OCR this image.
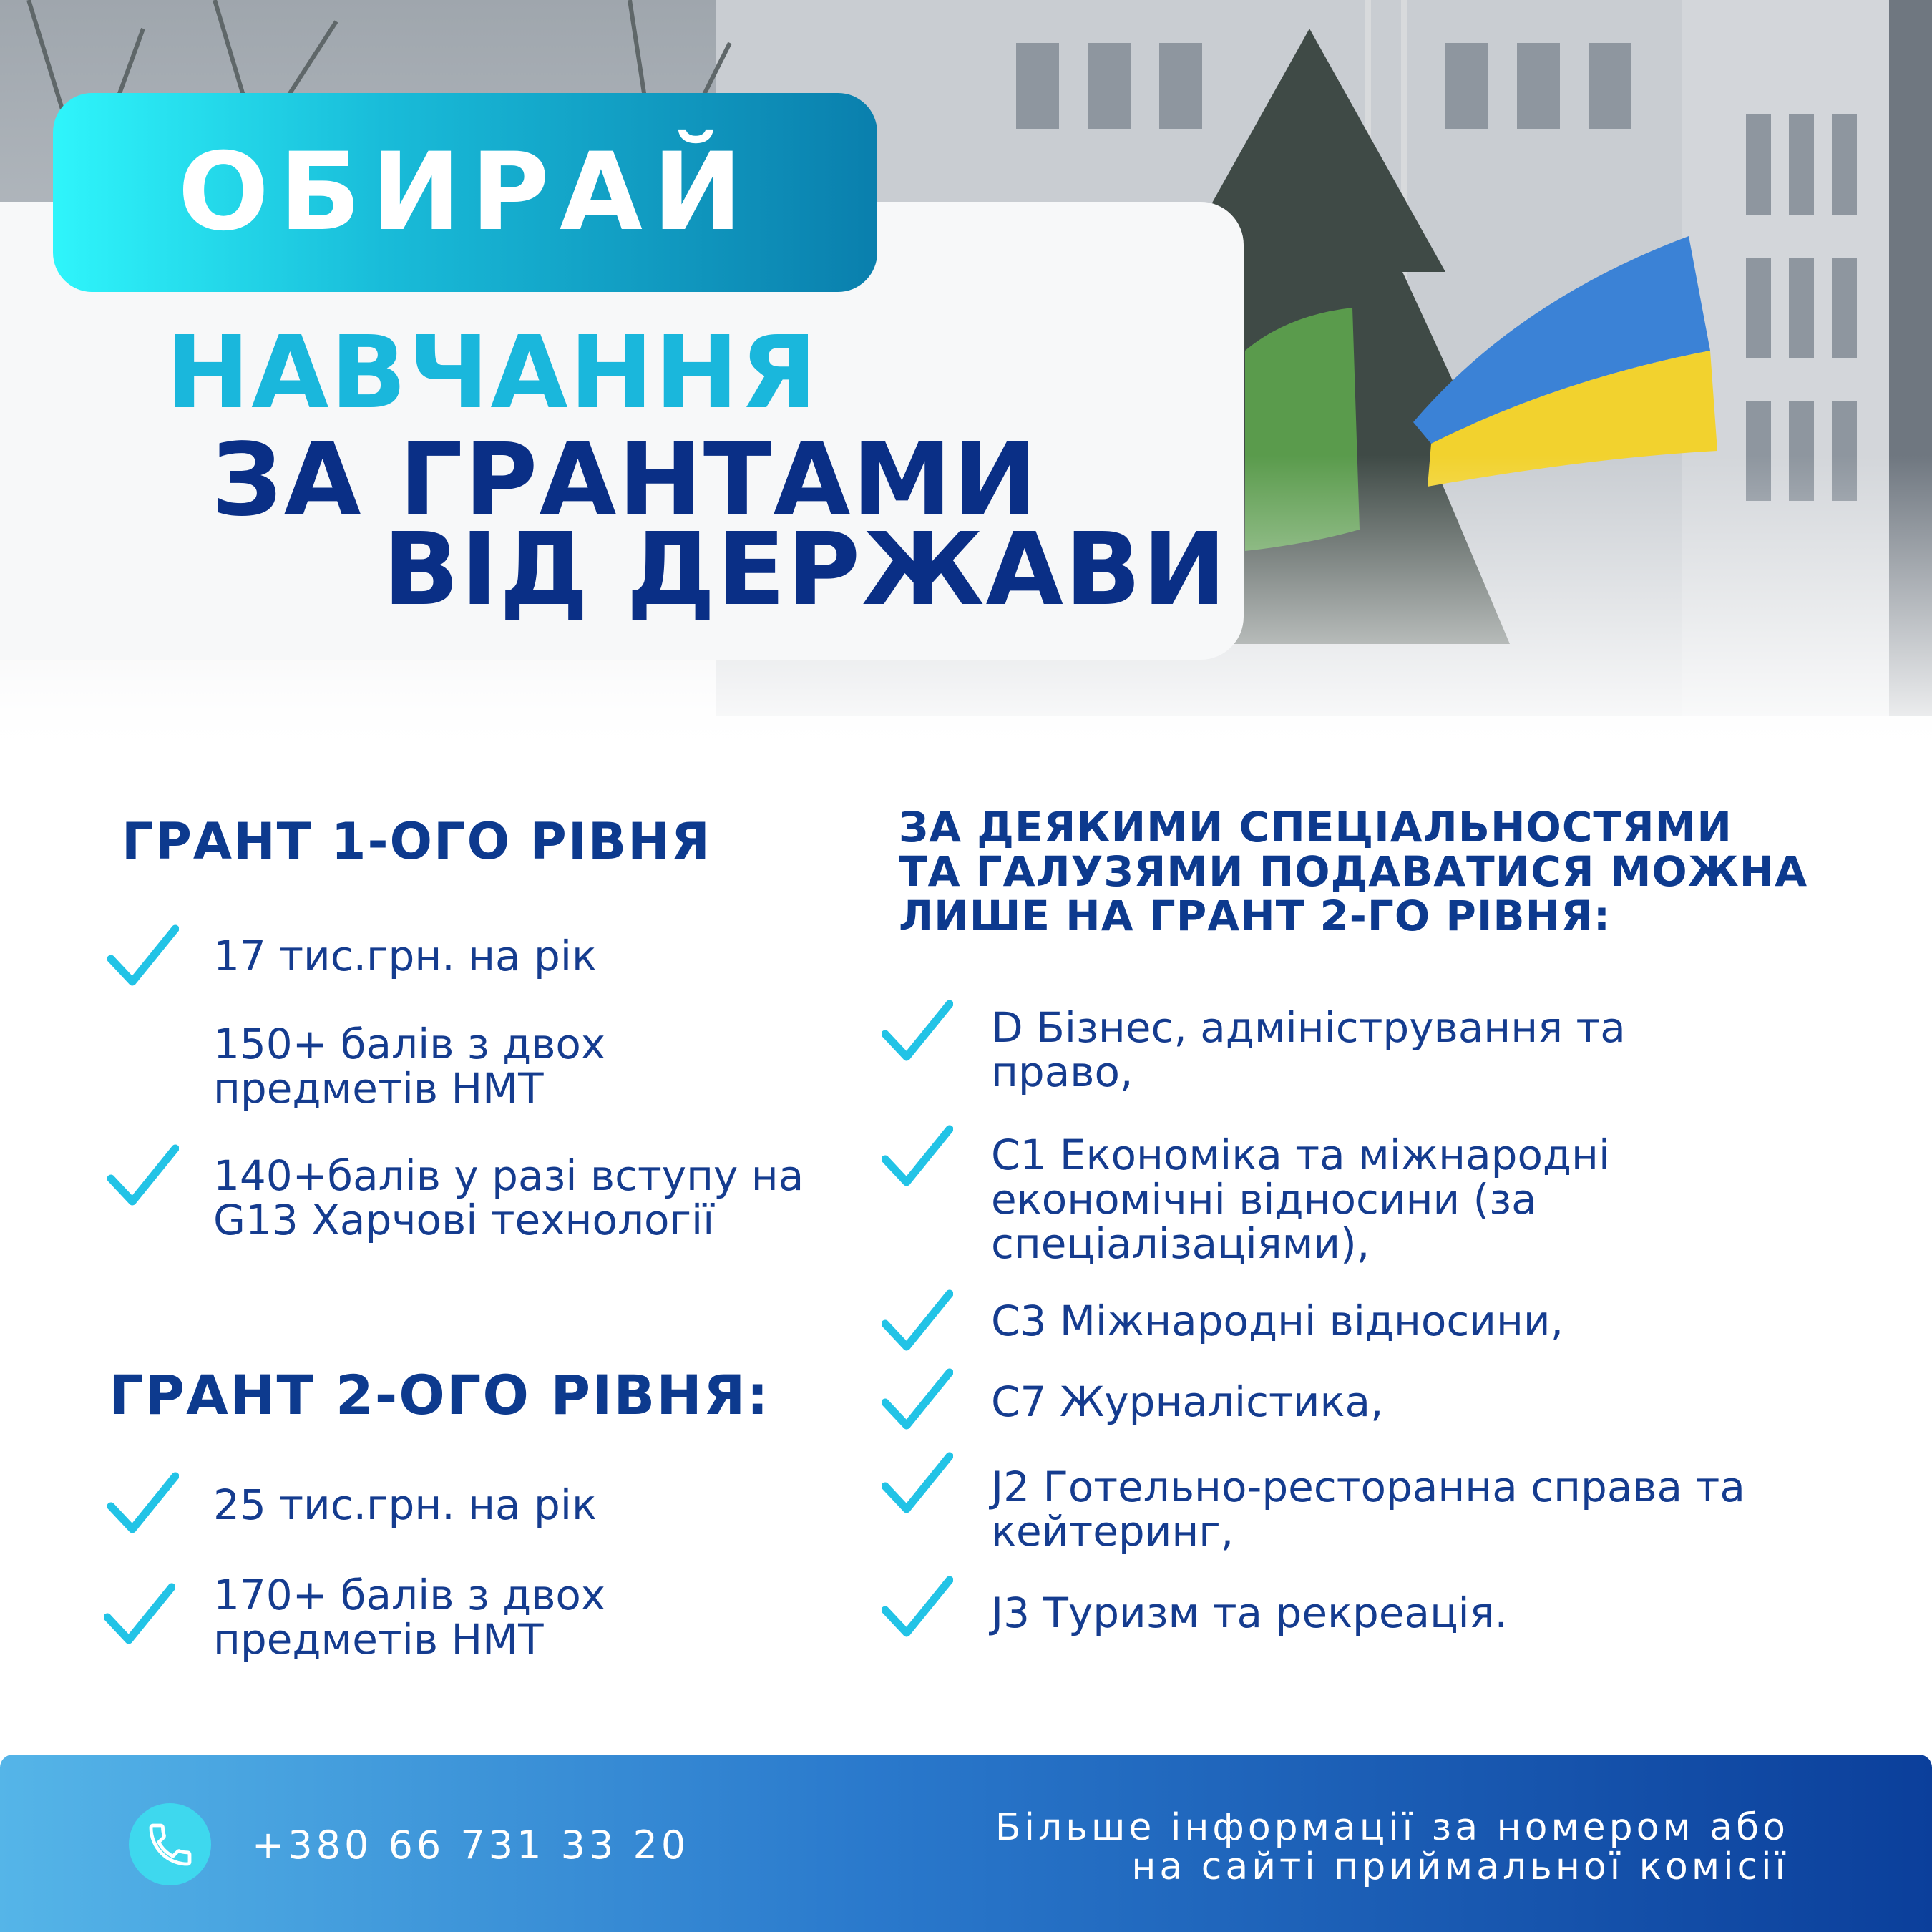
ОБИРАЙ
НАВЧАННЯ
ЗА ГРАНТАМИ
ВІД ДЕРЖАВИ
ГРАНТ 1-ОГО РІВНЯ
17 тис.грн. на рік
150+ балів з двох предметів НМТ
140+балів у разі вступу на G13 Харчові технології
ГРАНТ 2-ОГО РІВНЯ:
25 тис.грн. на рік
170+ балів з двох предметів НМТ
ЗА ДЕЯКИМИ СПЕЦІАЛЬНОСТЯМИ
ТА ГАЛУЗЯМИ ПОДАВАТИСЯ МОЖНА
ЛИШЕ НА ГРАНТ 2-ГО РІВНЯ:
D Бізнес, адміністрування та право,
C1 Економіка та міжнародні економічні відносини (за спеціалізаціями),
C3 Міжнародні відносини,
C7 Журналістика,
J2 Готельно-ресторанна справа та кейтеринг,
J3 Туризм та рекреація.
+380 66 731 33 20	Більше інформації за номером або
на сайті приймальної комісії
